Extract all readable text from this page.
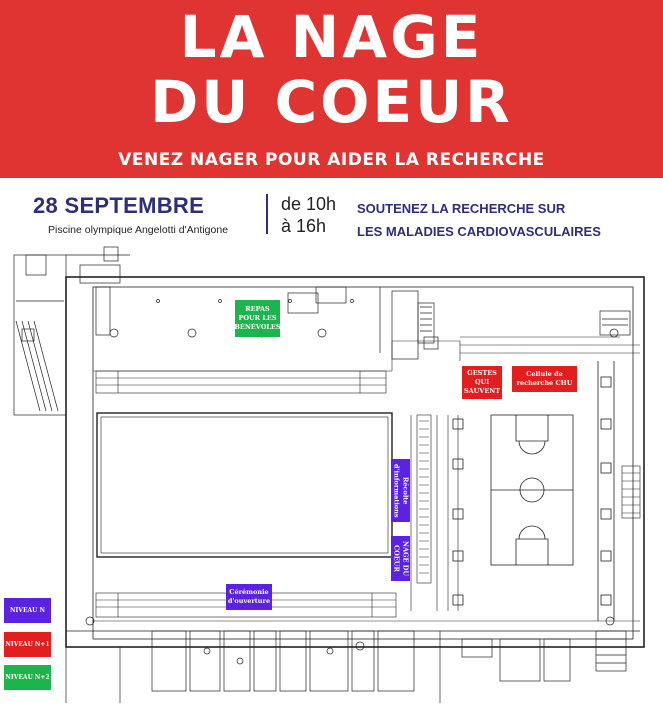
LA NAGE
DU COEUR
VENEZ NAGER POUR AIDER LA RECHERCHE
28 SEPTEMBRE
Piscine olympique Angelotti d'Antigone
de 10h
à 16h
SOUTENEZ LA RECHERCHE SUR
LES MALADIES CARDIOVASCULAIRES
REPAS POUR LES BÉNÉVOLES
GESTES QUI SAUVENT
Cellule de recherche CHU
Récolte d'informations
NAGE DU COEUR
Cérémonie d'ouverture
NIVEAU N
NIVEAU N+1
NIVEAU N+2
